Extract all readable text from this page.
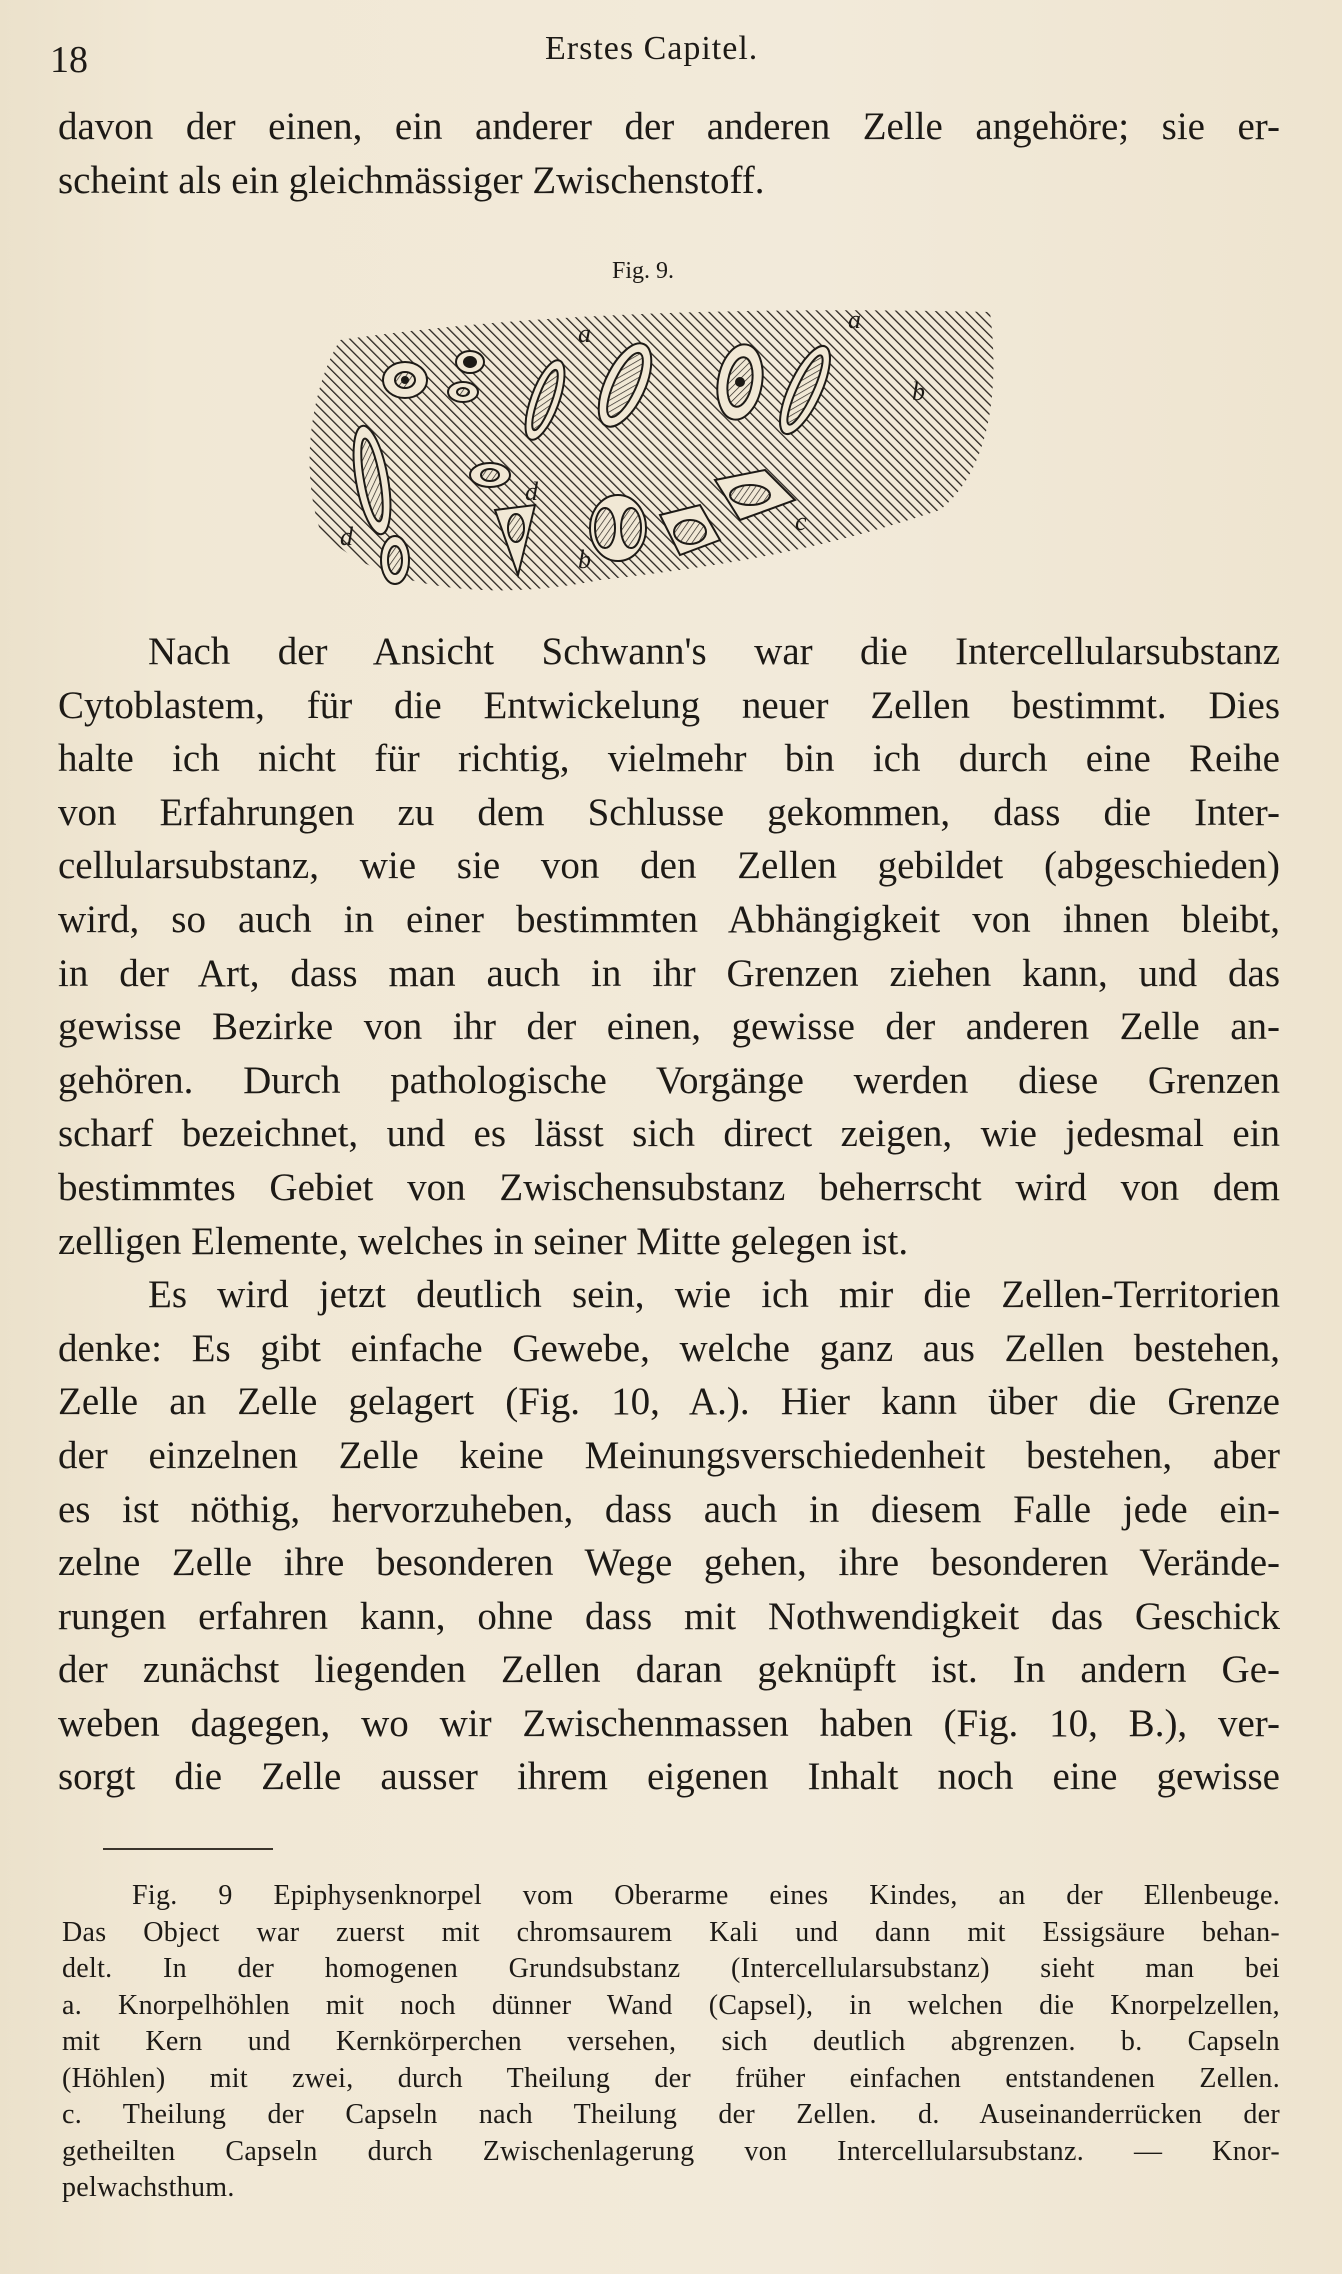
18	Erstes Capitel.
davon der einen, ein anderer der anderen Zelle angehöre; sie er-
scheint als ein gleichmässiger Zwischenstoff.
Fig. 9.
a	a
b
d
d
b
c
Nach der Ansicht Schwann's war die Intercellularsubstanz
Cytoblastem, für die Entwickelung neuer Zellen bestimmt. Dies
halte ich nicht für richtig, vielmehr bin ich durch eine Reihe
von Erfahrungen zu dem Schlusse gekommen, dass die Inter-
cellularsubstanz, wie sie von den Zellen gebildet (abgeschieden)
wird, so auch in einer bestimmten Abhängigkeit von ihnen bleibt,
in der Art, dass man auch in ihr Grenzen ziehen kann, und das
gewisse Bezirke von ihr der einen, gewisse der anderen Zelle an-
gehören. Durch pathologische Vorgänge werden diese Grenzen
scharf bezeichnet, und es lässt sich direct zeigen, wie jedesmal ein
bestimmtes Gebiet von Zwischensubstanz beherrscht wird von dem
zelligen Elemente, welches in seiner Mitte gelegen ist.
Es wird jetzt deutlich sein, wie ich mir die Zellen-Territorien
denke: Es gibt einfache Gewebe, welche ganz aus Zellen bestehen,
Zelle an Zelle gelagert (Fig. 10, A.). Hier kann über die Grenze
der einzelnen Zelle keine Meinungsverschiedenheit bestehen, aber
es ist nöthig, hervorzuheben, dass auch in diesem Falle jede ein-
zelne Zelle ihre besonderen Wege gehen, ihre besonderen Verände-
rungen erfahren kann, ohne dass mit Nothwendigkeit das Geschick
der zunächst liegenden Zellen daran geknüpft ist. In andern Ge-
weben dagegen, wo wir Zwischenmassen haben (Fig. 10, B.), ver-
sorgt die Zelle ausser ihrem eigenen Inhalt noch eine gewisse
Fig. 9 Epiphysenknorpel vom Oberarme eines Kindes, an der Ellenbeuge.
Das Object war zuerst mit chromsaurem Kali und dann mit Essigsäure behan-
delt. In der homogenen Grundsubstanz (Intercellularsubstanz) sieht man bei
a. Knorpelhöhlen mit noch dünner Wand (Capsel), in welchen die Knorpelzellen,
mit Kern und Kernkörperchen versehen, sich deutlich abgrenzen. b. Capseln
(Höhlen) mit zwei, durch Theilung der früher einfachen entstandenen Zellen.
c. Theilung der Capseln nach Theilung der Zellen. d. Auseinanderrücken der
getheilten Capseln durch Zwischenlagerung von Intercellularsubstanz. — Knor-
pelwachsthum.
